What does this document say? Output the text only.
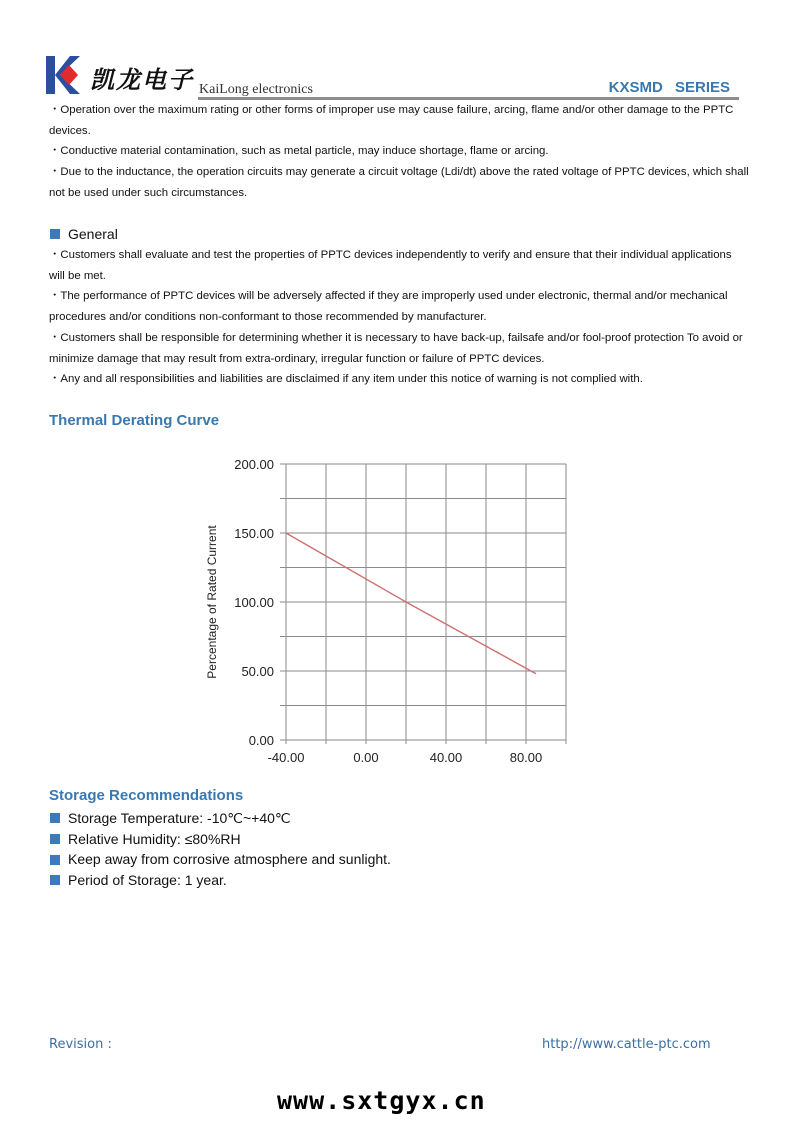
凯龙电子 KaiLong electronics	KXSMD SERIES
・Operation over the maximum rating or other forms of improper use may cause failure, arcing, flame and/or other damage to the PPTC devices.
・Conductive material contamination, such as metal particle, may induce shortage, flame or arcing.
・Due to the inductance, the operation circuits may generate a circuit voltage (Ldi/dt) above the rated voltage of PPTC devices, which shall not be used under such circumstances.
General
・Customers shall evaluate and test the properties of PPTC devices independently to verify and ensure that their individual applications will be met.
・The performance of PPTC devices will be adversely affected if they are improperly used under electronic, thermal and/or mechanical procedures and/or conditions non-conformant to those recommended by manufacturer.
・Customers shall be responsible for determining whether it is necessary to have back-up, failsafe and/or fool-proof protection To avoid or minimize damage that may result from extra-ordinary, irregular function or failure of PPTC devices.
・Any and all responsibilities and liabilities are disclaimed if any item under this notice of warning is not complied with.
Thermal Derating Curve
0.00
50.00
100.00
150.00
200.00
-40.00	0.00	40.00	80.00
Percentage of Rated Current
Storage Recommendations
Storage Temperature: -10℃~+40℃
Relative Humidity: ≤80%RH
Keep away from corrosive atmosphere and sunlight.
Period of Storage: 1 year.
Revision :	http://www.cattle-ptc.com
www.sxtgyx.cn
